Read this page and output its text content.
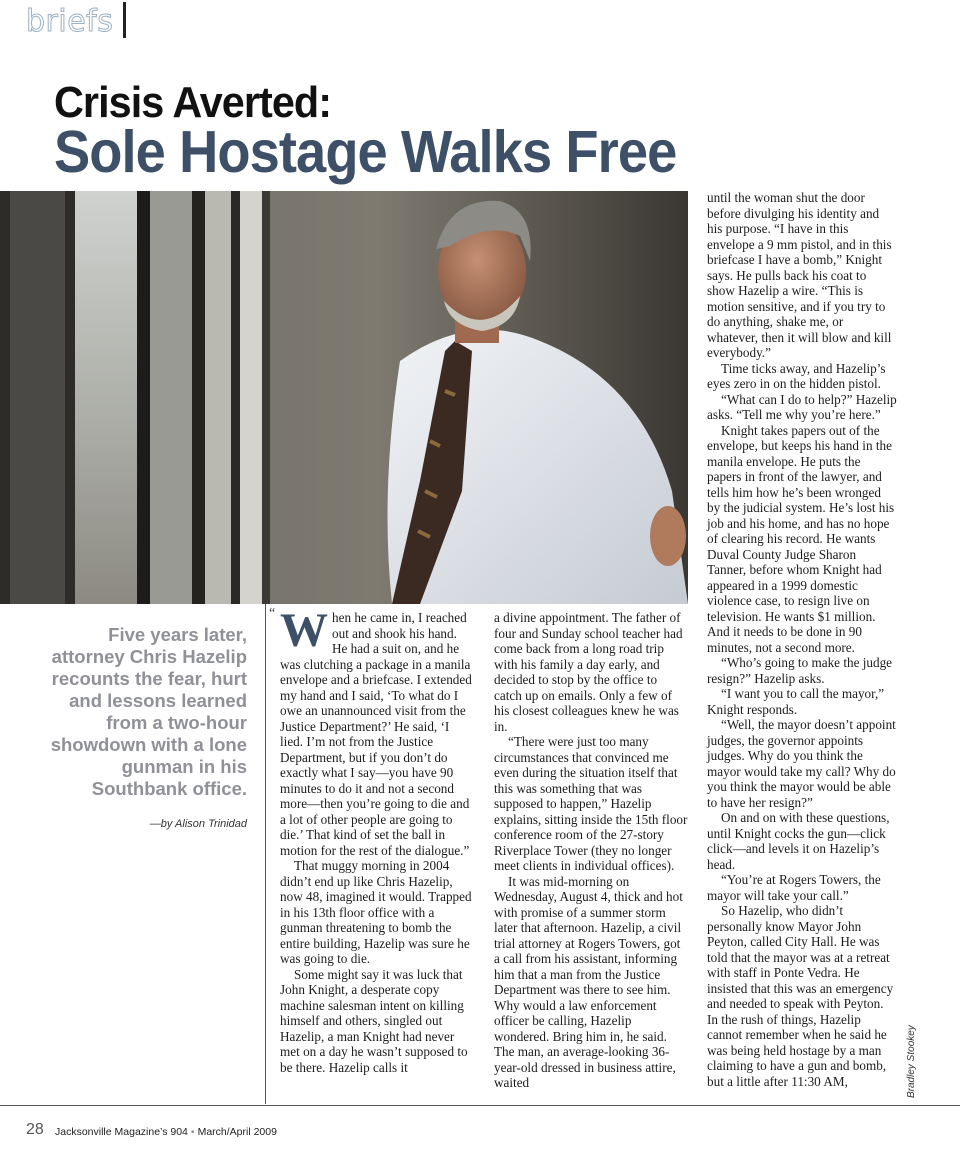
briefs
Crisis Averted:
Sole Hostage Walks Free
Five years later, attorney Chris Hazelip recounts the fear, hurt and lessons learned from a two-hour showdown with a lone gunman in his Southbank office.
—by Alison Trinidad
“ When he came in, I reached out and shook his hand. He had a suit on, and he was clutching a package in a manila envelope and a briefcase. I extended my hand and I said, ‘To what do I owe an unannounced visit from the Justice Department?’ He said, ‘I lied. I’m not from the Justice Department, but if you don’t do exactly what I say—you have 90 minutes to do it and not a second more—then you’re going to die and a lot of other people are going to die.’ That kind of set the ball in motion for the rest of the dialogue.”

That muggy morning in 2004 didn’t end up like Chris Hazelip, now 48, imagined it would. Trapped in his 13th floor office with a gunman threatening to bomb the entire building, Hazelip was sure he was going to die.

Some might say it was luck that John Knight, a desperate copy machine salesman intent on killing himself and others, singled out Hazelip, a man Knight had never met on a day he wasn’t supposed to be there. Hazelip calls it

a divine appointment. The father of four and Sunday school teacher had come back from a long road trip with his family a day early, and decided to stop by the office to catch up on emails. Only a few of his closest colleagues knew he was in.

“There were just too many circumstances that convinced me even during the situation itself that this was something that was supposed to happen,” Hazelip explains, sitting inside the 15th floor conference room of the 27-story Riverplace Tower (they no longer meet clients in individual offices).

It was mid-morning on Wednesday, August 4, thick and hot with promise of a summer storm later that afternoon. Hazelip, a civil trial attorney at Rogers Towers, got a call from his assistant, informing him that a man from the Justice Department was there to see him. Why would a law enforcement officer be calling, Hazelip wondered. Bring him in, he said. The man, an average-looking 36-year-old dressed in business attire, waited

until the woman shut the door before divulging his identity and his purpose. “I have in this envelope a 9 mm pistol, and in this briefcase I have a bomb,” Knight says. He pulls back his coat to show Hazelip a wire. “This is motion sensitive, and if you try to do anything, shake me, or whatever, then it will blow and kill everybody.”

Time ticks away, and Hazelip’s eyes zero in on the hidden pistol.

“What can I do to help?” Hazelip asks. “Tell me why you’re here.”

Knight takes papers out of the envelope, but keeps his hand in the manila envelope. He puts the papers in front of the lawyer, and tells him how he’s been wronged by the judicial system. He’s lost his job and his home, and has no hope of clearing his record. He wants Duval County Judge Sharon Tanner, before whom Knight had appeared in a 1999 domestic violence case, to resign live on television. He wants $1 million. And it needs to be done in 90 minutes, not a second more.

“Who’s going to make the judge resign?” Hazelip asks.

“I want you to call the mayor,” Knight responds.

“Well, the mayor doesn’t appoint judges, the governor appoints judges. Why do you think the mayor would take my call? Why do you think the mayor would be able to have her resign?”

On and on with these questions, until Knight cocks the gun—click click—and levels it on Hazelip’s head.

“You’re at Rogers Towers, the mayor will take your call.”

So Hazelip, who didn’t personally know Mayor John Peyton, called City Hall. He was told that the mayor was at a retreat with staff in Ponte Vedra. He insisted that this was an emergency and needed to speak with Peyton. In the rush of things, Hazelip cannot remember when he said he was being held hostage by a man claiming to have a gun and bomb, but a little after 11:30 AM,	Bradley Stookey
28 Jacksonville Magazine’s 904 • March/April 2009
